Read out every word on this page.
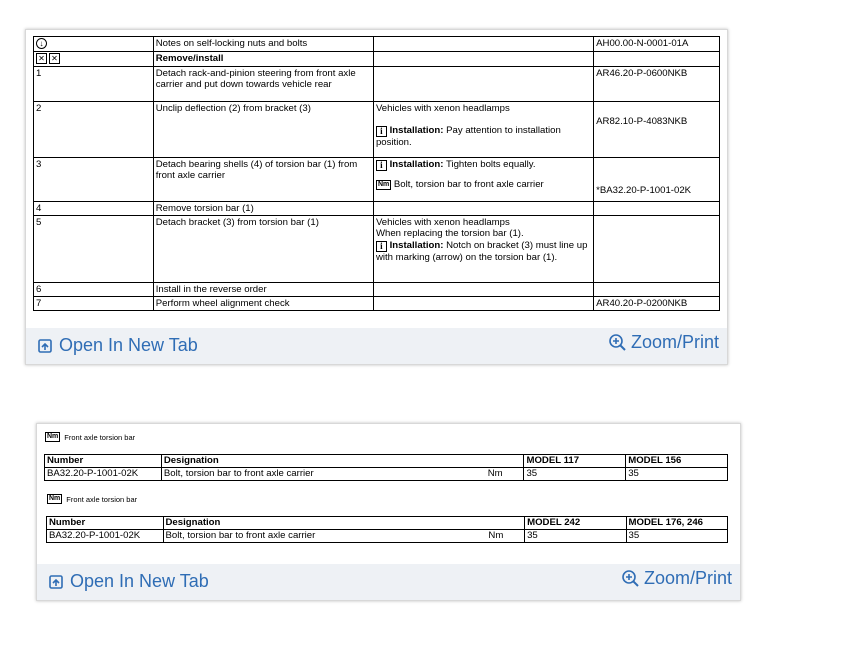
↓	Notes on self-locking nuts and bolts		AH00.00-N-0001-01A
✕ ✕	Remove/install		
1	Detach rack-and-pinion steering from front axle carrier and put down towards vehicle rear		AR46.20-P-0600NKB
2	Unclip deflection (2) from bracket (3)	Vehicles with xenon headlamps
i Installation: Pay attention to installation position.	AR82.10-P-4083NKB
3	Detach bearing shells (4) of torsion bar (1) from front axle carrier	i Installation: Tighten bolts equally.
Nm Bolt, torsion bar to front axle carrier	*BA32.20-P-1001-02K
4	Remove torsion bar (1)		
5	Detach bracket (3) from torsion bar (1)	Vehicles with xenon headlamps
When replacing the torsion bar (1).
i Installation: Notch on bracket (3) must line up with marking (arrow) on the torsion bar (1).	

6	Install in the reverse order		
7	Perform wheel alignment check		AR40.20-P-0200NKB
Open In New Tab	Zoom/Print
Nm Front axle torsion bar
Number	Designation		MODEL 117	MODEL 156
BA32.20-P-1001-02K	Bolt, torsion bar to front axle carrier	Nm	35	35
Nm Front axle torsion bar
Number	Designation		MODEL 242	MODEL 176, 246
BA32.20-P-1001-02K	Bolt, torsion bar to front axle carrier	Nm	35	35
Open In New Tab	Zoom/Print
